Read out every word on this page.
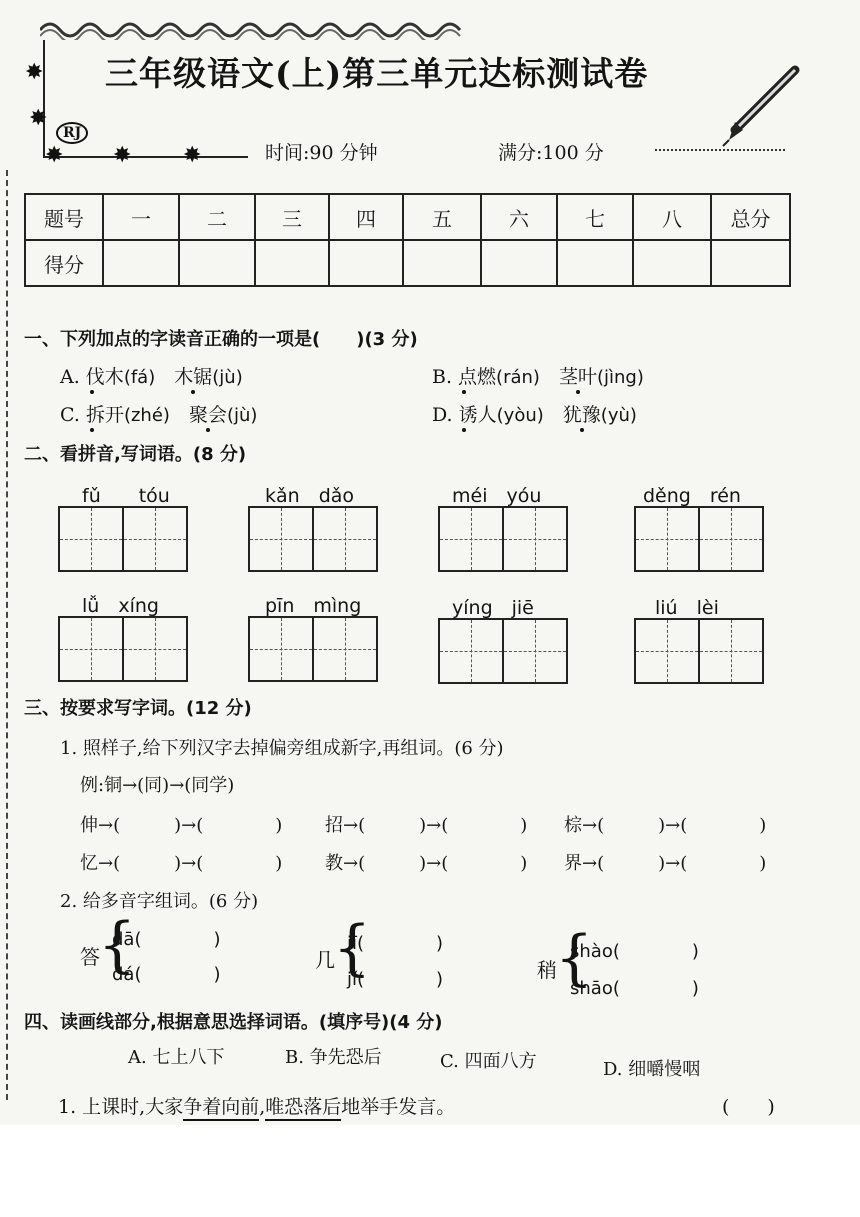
✸
✸
✸ ✸ ✸
三年级语文(上)第三单元达标测试卷
RJ
时间:90 分钟	满分:100 分
题号	一	二	三	四	五	六	七	八	总分
得分									
一、下列加点的字读音正确的一项是(　　)(3 分)
A. 伐木(fá)　 木锯(jù)	B. 点燃(rán)　 茎叶(jìng)
C. 拆开(zhé)　 聚会(jù)	D. 诱人(yòu)　 犹豫(yù)
二、看拼音,写词语。(8 分)
fǔ　　tóu	kǎn　dǎo	méi　yóu	děng　rén
lǚ　xíng	pīn　mìng	yíng　jiē	liú　lèi
三、按要求写字词。(12 分)
1. 照样子,给下列汉字去掉偏旁组成新字,再组词。(6 分)
例:铜→(同)→(同学)
伸→(　　　)→(　　　　) 招→(　　　)→(　　　　) 棕→(　　　)→(　　　　)
忆→(　　　)→(　　　　) 教→(　　　)→(　　　　) 界→(　　　)→(　　　　)
2. 给多音字组词。(6 分)
答
{
dā(　　　　)
dá(　　　　)
几
{
jī(　　　　)
jǐ(　　　　)	稍
{
shào(　　　　)
shāo(　　　　)
四、读画线部分,根据意思选择词语。(填序号)(4 分)
A. 七上八下	B. 争先恐后	C. 四面八方	D. 细嚼慢咽
1. 上课时,大家争着向前,唯恐落后地举手发言。	(　　)
